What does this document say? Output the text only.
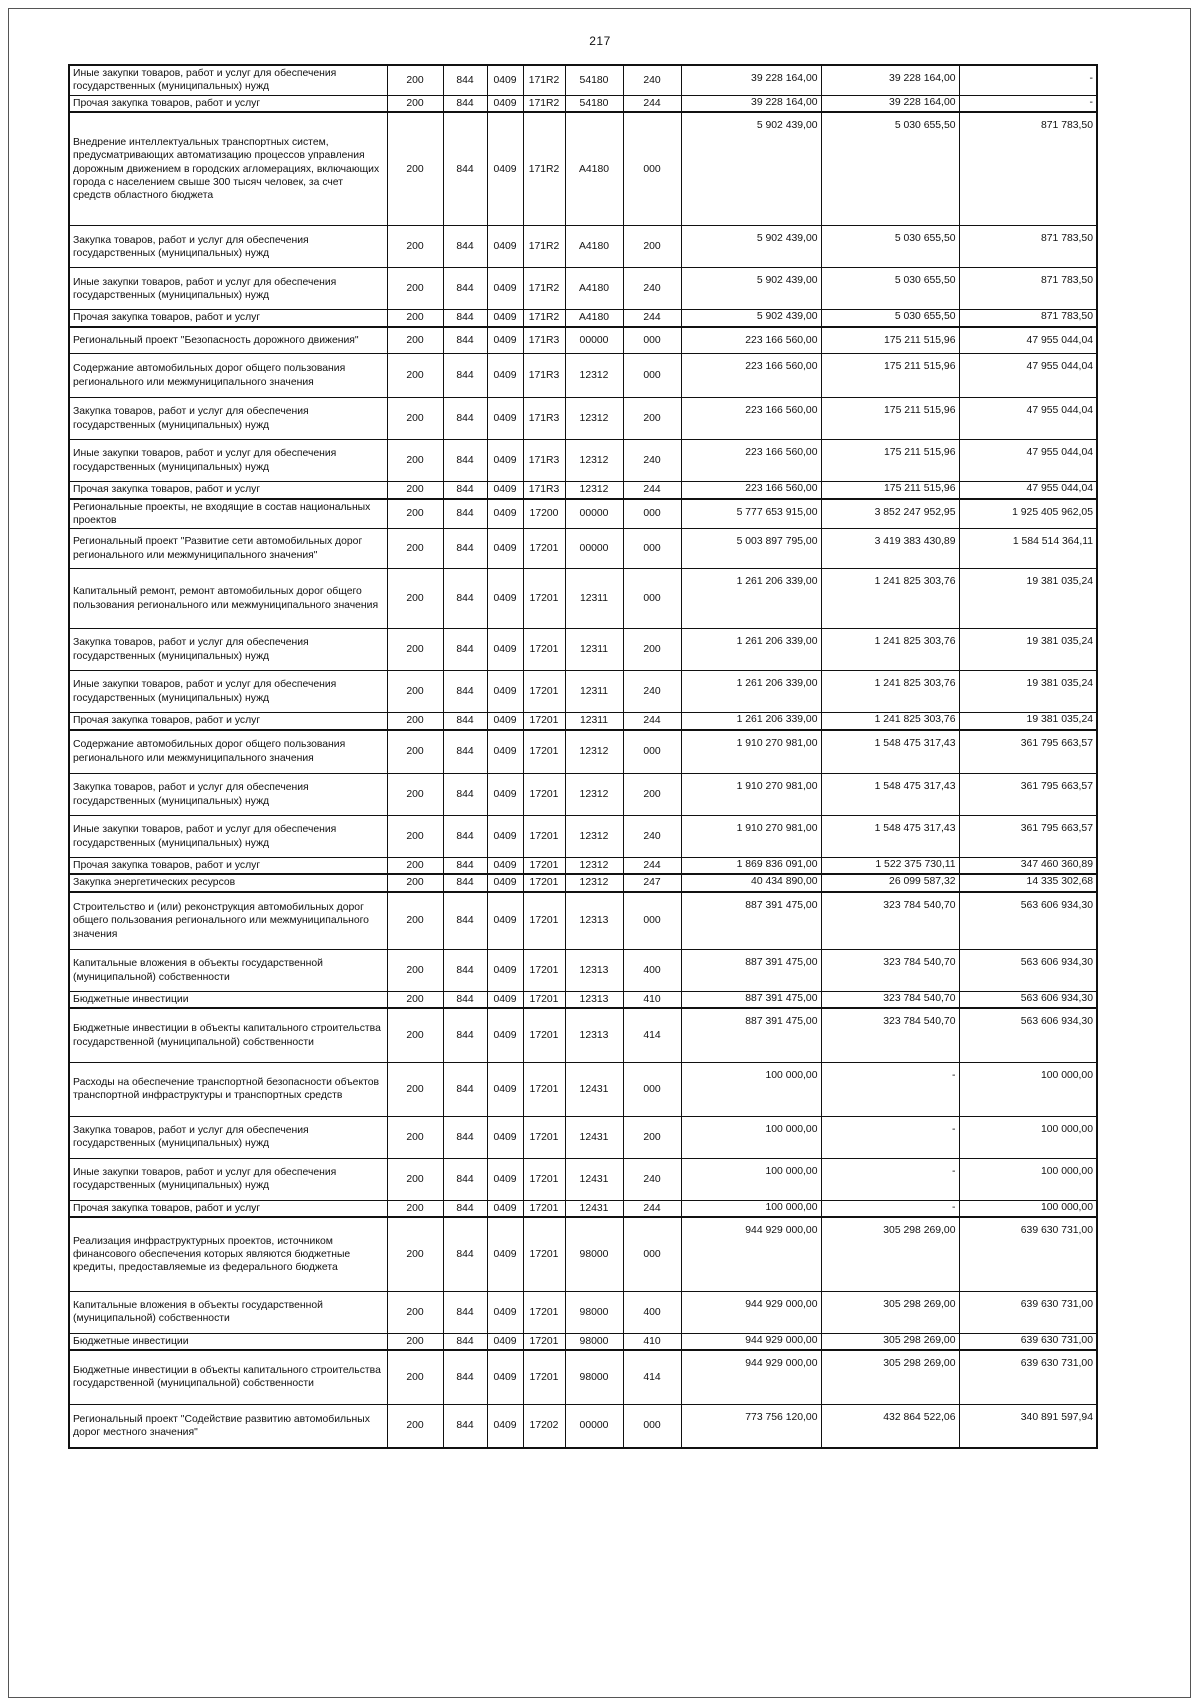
217
Иные закупки товаров, работ и услуг для обеспечения государственных (муниципальных) нужд	200	844	0409	171R2	54180	240	39 228 164,00	39 228 164,00	-
Прочая закупка товаров, работ и услуг	200	844	0409	171R2	54180	244	39 228 164,00	39 228 164,00	-
Внедрение интеллектуальных транспортных систем, предусматривающих автоматизацию процессов управления дорожным движением в городских агломерациях, включающих города с населением свыше 300 тысяч человек, за счет средств областного бюджета	200	844	0409	171R2	А4180	000	5 902 439,00	5 030 655,50	871 783,50
Закупка товаров, работ и услуг для обеспечения государственных (муниципальных) нужд	200	844	0409	171R2	А4180	200	5 902 439,00	5 030 655,50	871 783,50
Иные закупки товаров, работ и услуг для обеспечения государственных (муниципальных) нужд	200	844	0409	171R2	А4180	240	5 902 439,00	5 030 655,50	871 783,50
Прочая закупка товаров, работ и услуг	200	844	0409	171R2	А4180	244	5 902 439,00	5 030 655,50	871 783,50
Региональный проект "Безопасность дорожного движения"	200	844	0409	171R3	00000	000	223 166 560,00	175 211 515,96	47 955 044,04
Содержание автомобильных дорог общего пользования регионального или межмуниципального значения	200	844	0409	171R3	12312	000	223 166 560,00	175 211 515,96	47 955 044,04
Закупка товаров, работ и услуг для обеспечения государственных (муниципальных) нужд	200	844	0409	171R3	12312	200	223 166 560,00	175 211 515,96	47 955 044,04
Иные закупки товаров, работ и услуг для обеспечения государственных (муниципальных) нужд	200	844	0409	171R3	12312	240	223 166 560,00	175 211 515,96	47 955 044,04
Прочая закупка товаров, работ и услуг	200	844	0409	171R3	12312	244	223 166 560,00	175 211 515,96	47 955 044,04
Региональные проекты, не входящие в состав национальных проектов	200	844	0409	17200	00000	000	5 777 653 915,00	3 852 247 952,95	1 925 405 962,05
Региональный проект "Развитие сети автомобильных дорог регионального или межмуниципального значения"	200	844	0409	17201	00000	000	5 003 897 795,00	3 419 383 430,89	1 584 514 364,11
Капитальный ремонт, ремонт автомобильных дорог общего пользования регионального или межмуниципального значения	200	844	0409	17201	12311	000	1 261 206 339,00	1 241 825 303,76	19 381 035,24
Закупка товаров, работ и услуг для обеспечения государственных (муниципальных) нужд	200	844	0409	17201	12311	200	1 261 206 339,00	1 241 825 303,76	19 381 035,24
Иные закупки товаров, работ и услуг для обеспечения государственных (муниципальных) нужд	200	844	0409	17201	12311	240	1 261 206 339,00	1 241 825 303,76	19 381 035,24
Прочая закупка товаров, работ и услуг	200	844	0409	17201	12311	244	1 261 206 339,00	1 241 825 303,76	19 381 035,24
Содержание автомобильных дорог общего пользования регионального или межмуниципального значения	200	844	0409	17201	12312	000	1 910 270 981,00	1 548 475 317,43	361 795 663,57
Закупка товаров, работ и услуг для обеспечения государственных (муниципальных) нужд	200	844	0409	17201	12312	200	1 910 270 981,00	1 548 475 317,43	361 795 663,57
Иные закупки товаров, работ и услуг для обеспечения государственных (муниципальных) нужд	200	844	0409	17201	12312	240	1 910 270 981,00	1 548 475 317,43	361 795 663,57
Прочая закупка товаров, работ и услуг	200	844	0409	17201	12312	244	1 869 836 091,00	1 522 375 730,11	347 460 360,89
Закупка энергетических ресурсов	200	844	0409	17201	12312	247	40 434 890,00	26 099 587,32	14 335 302,68
Строительство и (или) реконструкция автомобильных дорог общего пользования регионального или межмуниципального значения	200	844	0409	17201	12313	000	887 391 475,00	323 784 540,70	563 606 934,30
Капитальные вложения в объекты государственной (муниципальной) собственности	200	844	0409	17201	12313	400	887 391 475,00	323 784 540,70	563 606 934,30
Бюджетные инвестиции	200	844	0409	17201	12313	410	887 391 475,00	323 784 540,70	563 606 934,30
Бюджетные инвестиции в объекты капитального строительства государственной (муниципальной) собственности	200	844	0409	17201	12313	414	887 391 475,00	323 784 540,70	563 606 934,30
Расходы на обеспечение транспортной безопасности объектов транспортной инфраструктуры и транспортных средств	200	844	0409	17201	12431	000	100 000,00	-	100 000,00
Закупка товаров, работ и услуг для обеспечения государственных (муниципальных) нужд	200	844	0409	17201	12431	200	100 000,00	-	100 000,00
Иные закупки товаров, работ и услуг для обеспечения государственных (муниципальных) нужд	200	844	0409	17201	12431	240	100 000,00	-	100 000,00
Прочая закупка товаров, работ и услуг	200	844	0409	17201	12431	244	100 000,00	-	100 000,00
Реализация инфраструктурных проектов, источником финансового обеспечения которых являются бюджетные кредиты, предоставляемые из федерального бюджета	200	844	0409	17201	98000	000	944 929 000,00	305 298 269,00	639 630 731,00
Капитальные вложения в объекты государственной (муниципальной) собственности	200	844	0409	17201	98000	400	944 929 000,00	305 298 269,00	639 630 731,00
Бюджетные инвестиции	200	844	0409	17201	98000	410	944 929 000,00	305 298 269,00	639 630 731,00
Бюджетные инвестиции в объекты капитального строительства государственной (муниципальной) собственности	200	844	0409	17201	98000	414	944 929 000,00	305 298 269,00	639 630 731,00
Региональный проект "Содействие развитию автомобильных дорог местного значения"	200	844	0409	17202	00000	000	773 756 120,00	432 864 522,06	340 891 597,94
